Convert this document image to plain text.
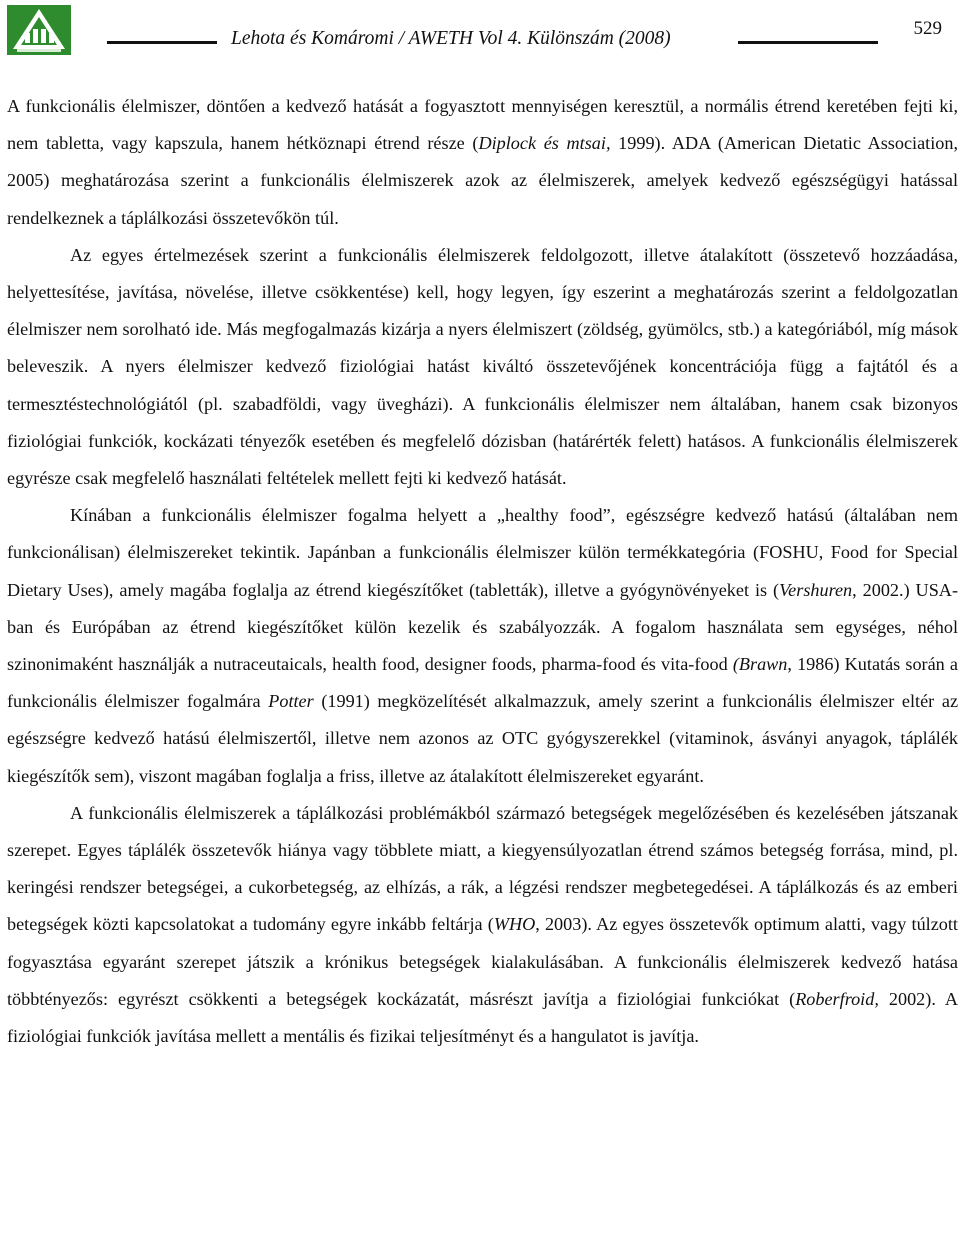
Lehota és Komáromi / AWETH Vol 4. Különszám (2008)	529

A funkcionális élelmiszer, döntően a kedvező hatását a fogyasztott mennyiségen keresztül, a normális étrend keretében fejti ki, nem tabletta, vagy kapszula, hanem hétköznapi étrend része (Diplock és mtsai, 1999). ADA (American Dietatic Association, 2005) meghatározása szerint a funkcionális élelmiszerek azok az élelmiszerek, amelyek kedvező egészségügyi hatással rendelkeznek a táplálkozási összetevőkön túl.

Az egyes értelmezések szerint a funkcionális élelmiszerek feldolgozott, illetve átalakított (összetevő hozzáadása, helyettesítése, javítása, növelése, illetve csökkentése) kell, hogy legyen, így eszerint a meghatározás szerint a feldolgozatlan élelmiszer nem sorolható ide. Más megfogalmazás kizárja a nyers élelmiszert (zöldség, gyümölcs, stb.) a kategóriából, míg mások beleveszik. A nyers élelmiszer kedvező fiziológiai hatást kiváltó összetevőjének koncentrációja függ a fajtától és a termesztéstechnológiától (pl. szabadföldi, vagy üvegházi). A funkcionális élelmiszer nem általában, hanem csak bizonyos fiziológiai funkciók, kockázati tényezők esetében és megfelelő dózisban (határérték felett) hatásos. A funkcionális élelmiszerek egyrésze csak megfelelő használati feltételek mellett fejti ki kedvező hatását.

Kínában a funkcionális élelmiszer fogalma helyett a „healthy food”, egészségre kedvező hatású (általában nem funkcionálisan) élelmiszereket tekintik. Japánban a funkcionális élelmiszer külön termékkategória (FOSHU, Food for Special Dietary Uses), amely magába foglalja az étrend kiegészítőket (tabletták), illetve a gyógynövényeket is (Vershuren, 2002.) USA-ban és Európában az étrend kiegészítőket külön kezelik és szabályozzák. A fogalom használata sem egységes, néhol szinonimaként használják a nutraceutaicals, health food, designer foods, pharma-food és vita-food (Brawn, 1986) Kutatás során a funkcionális élelmiszer fogalmára Potter (1991) megközelítését alkalmazzuk, amely szerint a funkcionális élelmiszer eltér az egészségre kedvező hatású élelmiszertől, illetve nem azonos az OTC gyógyszerekkel (vitaminok, ásványi anyagok, táplálék kiegészítők sem), viszont magában foglalja a friss, illetve az átalakított élelmiszereket egyaránt.

A funkcionális élelmiszerek a táplálkozási problémákból származó betegségek megelőzésében és kezelésében játszanak szerepet. Egyes táplálék összetevők hiánya vagy többlete miatt, a kiegyensúlyozatlan étrend számos betegség forrása, mind, pl. keringési rendszer betegségei, a cukorbetegség, az elhízás, a rák, a légzési rendszer megbetegedései. A táplálkozás és az emberi betegségek közti kapcsolatokat a tudomány egyre inkább feltárja (WHO, 2003). Az egyes összetevők optimum alatti, vagy túlzott fogyasztása egyaránt szerepet játszik a krónikus betegségek kialakulásában. A funkcionális élelmiszerek kedvező hatása többtényezős: egyrészt csökkenti a betegségek kockázatát, másrészt javítja a fiziológiai funkciókat (Roberfroid, 2002). A fiziológiai funkciók javítása mellett a mentális és fizikai teljesítményt és a hangulatot is javítja.
